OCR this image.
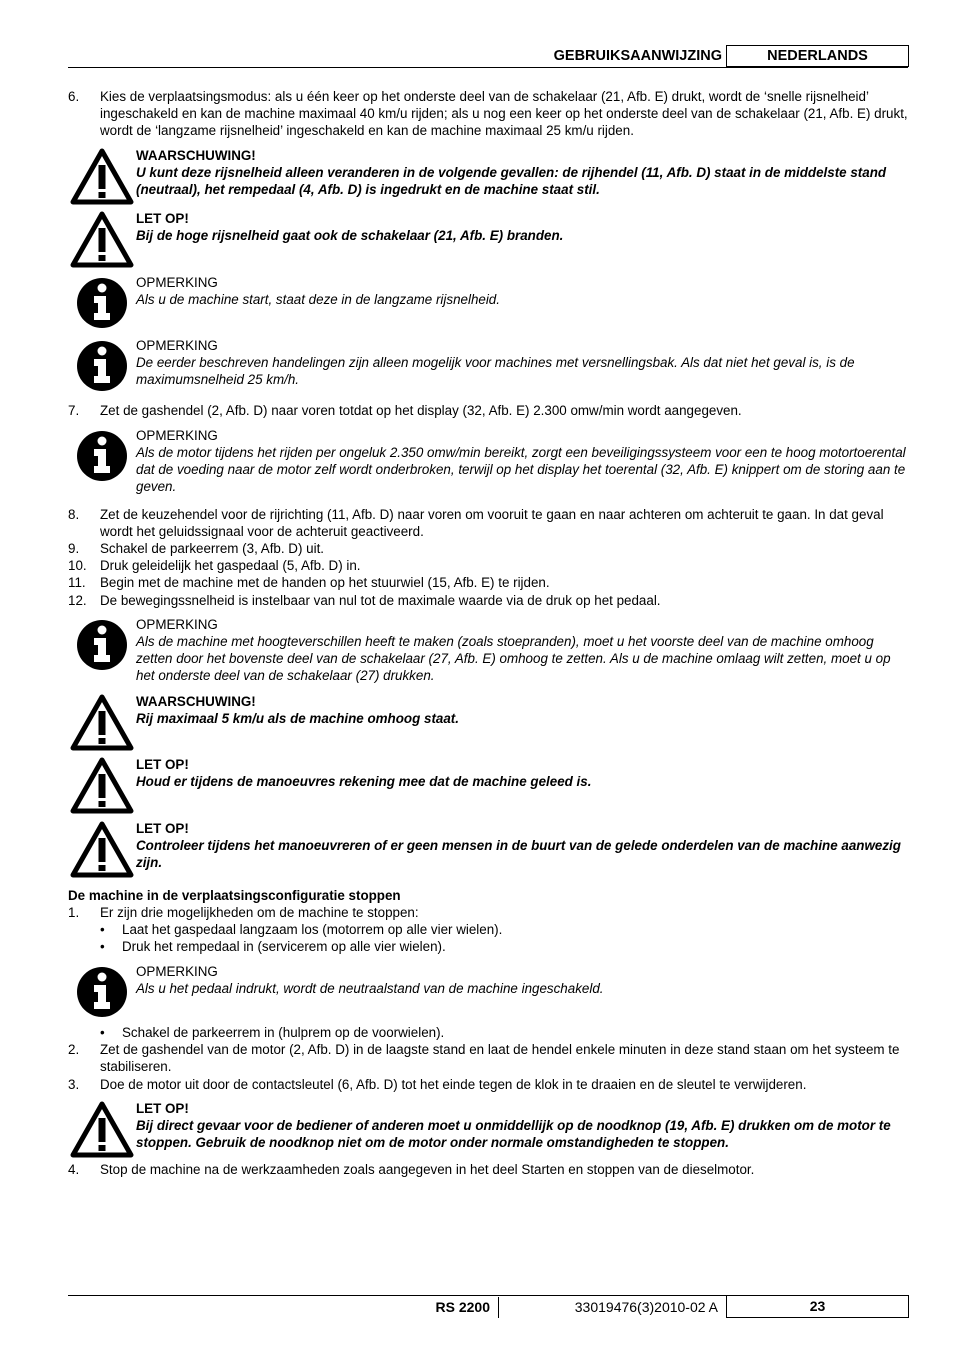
GEBRUIKSAANWIJZING	NEDERLANDS
6.	Kies de verplaatsingsmodus: als u één keer op het onderste deel van de schakelaar (21, Afb. E) drukt, wordt de ‘snelle rijsnelheid’ ingeschakeld en kan de machine maximaal 40 km/u rijden; als u nog een keer op het onderste deel van de schakelaar (21, Afb. E) drukt, wordt de ‘langzame rijsnelheid’ ingeschakeld en kan de machine maximaal 25 km/u rijden.
WAARSCHUWING!
U kunt deze rijsnelheid alleen veranderen in de volgende gevallen: de rijhendel (11, Afb. D) staat in de middelste stand (neutraal), het rempedaal (4, Afb. D) is ingedrukt en de machine staat stil.
LET OP!
Bij de hoge rijsnelheid gaat ook de schakelaar (21, Afb. E) branden.
OPMERKING
Als u de machine start, staat deze in de langzame rijsnelheid.
OPMERKING
De eerder beschreven handelingen zijn alleen mogelijk voor machines met versnellingsbak. Als dat niet het geval is, is de maximumsnelheid 25 km/h.
7.	Zet de gashendel (2, Afb. D) naar voren totdat op het display (32, Afb. E) 2.300 omw/min wordt aangegeven.
OPMERKING
Als de motor tijdens het rijden per ongeluk 2.350 omw/min bereikt, zorgt een beveiligingssysteem voor een te hoog motortoerental dat de voeding naar de motor zelf wordt onderbroken, terwijl op het display het toerental (32, Afb. E) knippert om de storing aan te geven.
8.	Zet de keuzehendel voor de rijrichting (11, Afb. D) naar voren om vooruit te gaan en naar achteren om achteruit te gaan. In dat geval wordt het geluidssignaal voor de achteruit geactiveerd.
9.	Schakel de parkeerrem (3, Afb. D) uit.
10. Druk geleidelijk het gaspedaal (5, Afb. D) in.
11.	Begin met de machine met de handen op het stuurwiel (15, Afb. E) te rijden.
12. De bewegingssnelheid is instelbaar van nul tot de maximale waarde via de druk op het pedaal.
OPMERKING
Als de machine met hoogteverschillen heeft te maken (zoals stoepranden), moet u het voorste deel van de machine omhoog zetten door het bovenste deel van de schakelaar (27, Afb. E) omhoog te zetten. Als u de machine omlaag wilt zetten, moet u op het onderste deel van de schakelaar (27) drukken.
WAARSCHUWING!
Rij maximaal 5 km/u als de machine omhoog staat.
LET OP!
Houd er tijdens de manoeuvres rekening mee dat de machine geleed is.
LET OP!
Controleer tijdens het manoeuvreren of er geen mensen in de buurt van de gelede onderdelen van de machine aanwezig zijn.
De machine in de verplaatsingsconfiguratie stoppen
1.	Er zijn drie mogelijkheden om de machine te stoppen:
• Laat het gaspedaal langzaam los (motorrem op alle vier wielen).
• Druk het rempedaal in (servicerem op alle vier wielen).
OPMERKING
Als u het pedaal indrukt, wordt de neutraalstand van de machine ingeschakeld.
• Schakel de parkeerrem in (hulprem op de voorwielen).
2.	Zet de gashendel van de motor (2, Afb. D) in de laagste stand en laat de hendel enkele minuten in deze stand staan om het systeem te stabiliseren.
3.	Doe de motor uit door de contactsleutel (6, Afb. D) tot het einde tegen de klok in te draaien en de sleutel te verwijderen.
LET OP!
Bij direct gevaar voor de bediener of anderen moet u onmiddellijk op de noodknop (19, Afb. E) drukken om de motor te stoppen. Gebruik de noodknop niet om de motor onder normale omstandigheden te stoppen.
4.	Stop de machine na de werkzaamheden zoals aangegeven in het deel Starten en stoppen van de dieselmotor.
RS 2200	33019476(3)2010-02 A	23
